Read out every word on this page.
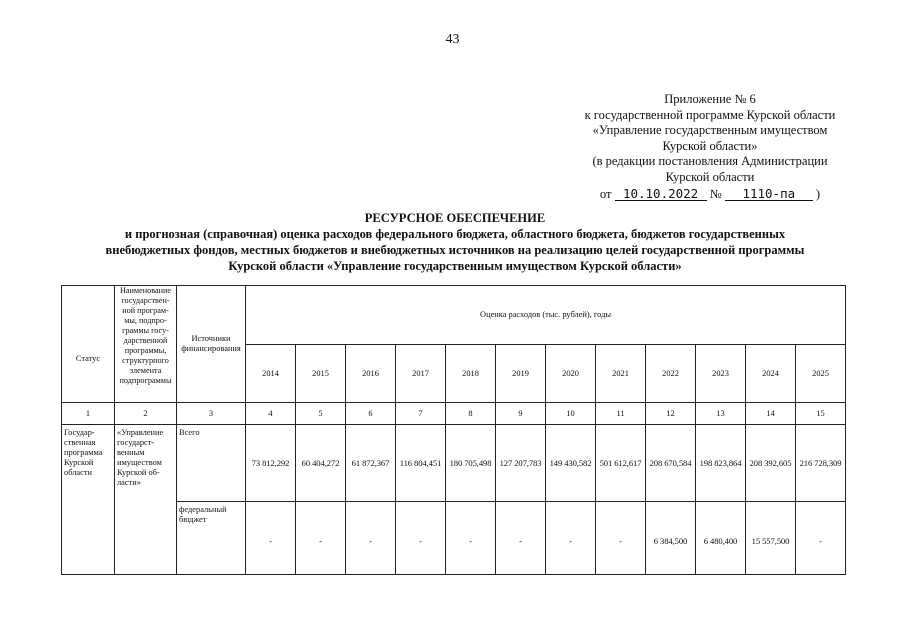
43
Приложение № 6
к государственной программе Курской области
«Управление государственным имуществом
Курской области»
(в редакции постановления Администрации
Курской области
от 10.10.2022 № 1110-па )
РЕСУРСНОЕ ОБЕСПЕЧЕНИЕ
и прогнозная (справочная) оценка расходов федерального бюджета, областного бюджета, бюджетов государственных
внебюджетных фондов, местных бюджетов и внебюджетных источников на реализацию целей государственной программы
Курской области «Управление государственным имуществом Курской области»
Статус	Наименование государствен-ной програм-мы, подпро-граммы госу-дарственной программы, структурного элемента подпрограммы	Источники финансирования	Оценка расходов (тыс. рублей), годы											
			2014	2015	2016	2017	2018	2019	2020	2021	2022	2023	2024	2025
1	2	3	4	5	6	7	8	9	10	11	12	13	14	15
Государ-ственная программа Курской области	«Управление государст-венным имуществом Курской об-ласти»	Всего	73 812,292	60 404,272	61 872,367	116 804,451	180 705,498	127 207,783	149 430,582	501 612,617	208 670,584	198 823,864	208 392,605	216 728,309
		федеральный бюджет	-	-	-	-	-	-	-	-	6 384,500	6 480,400	15 557,500	-
